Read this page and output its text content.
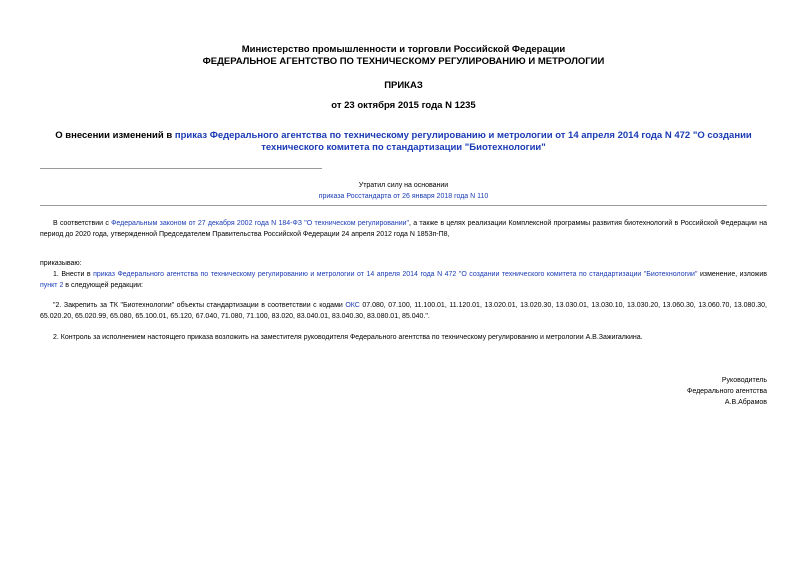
Министерство промышленности и торговли Российской Федерации
ФЕДЕРАЛЬНОЕ АГЕНТСТВО ПО ТЕХНИЧЕСКОМУ РЕГУЛИРОВАНИЮ И МЕТРОЛОГИИ
ПРИКАЗ
от 23 октября 2015 года N 1235
О внесении изменений в приказ Федерального агентства по техническому регулированию и метрологии от 14 апреля 2014 года N 472 "О создании технического комитета по стандартизации "Биотехнологии"
Утратил силу на основании
приказа Росстандарта от 26 января 2018 года N 110
В соответствии с Федеральным законом от 27 декабря 2002 года N 184-ФЗ "О техническом регулировании", а также в целях реализации Комплексной программы развития биотехнологий в Российской Федерации на период до 2020 года, утвержденной Председателем Правительства Российской Федерации 24 апреля 2012 года N 1853п-П8,
приказываю:
1. Внести в приказ Федерального агентства по техническому регулированию и метрологии от 14 апреля 2014 года N 472 "О создании технического комитета по стандартизации "Биотехнологии" изменение, изложив пункт 2 в следующей редакции:
"2. Закрепить за ТК "Биотехнологии" объекты стандартизации в соответствии с кодами ОКС 07.080, 07.100, 11.100.01, 11.120.01, 13.020.01, 13.020.30, 13.030.01, 13.030.10, 13.030.20, 13.060.30, 13.060.70, 13.080.30, 65.020.20, 65.020.99, 65.080, 65.100.01, 65.120, 67.040, 71.080, 71.100, 83.020, 83.040.01, 83.040.30, 83.080.01, 85.040.".
2. Контроль за исполнением настоящего приказа возложить на заместителя руководителя Федерального агентства по техническому регулированию и метрологии А.В.Зажигалкина.
Руководитель
Федерального агентства
А.В.Абрамов
